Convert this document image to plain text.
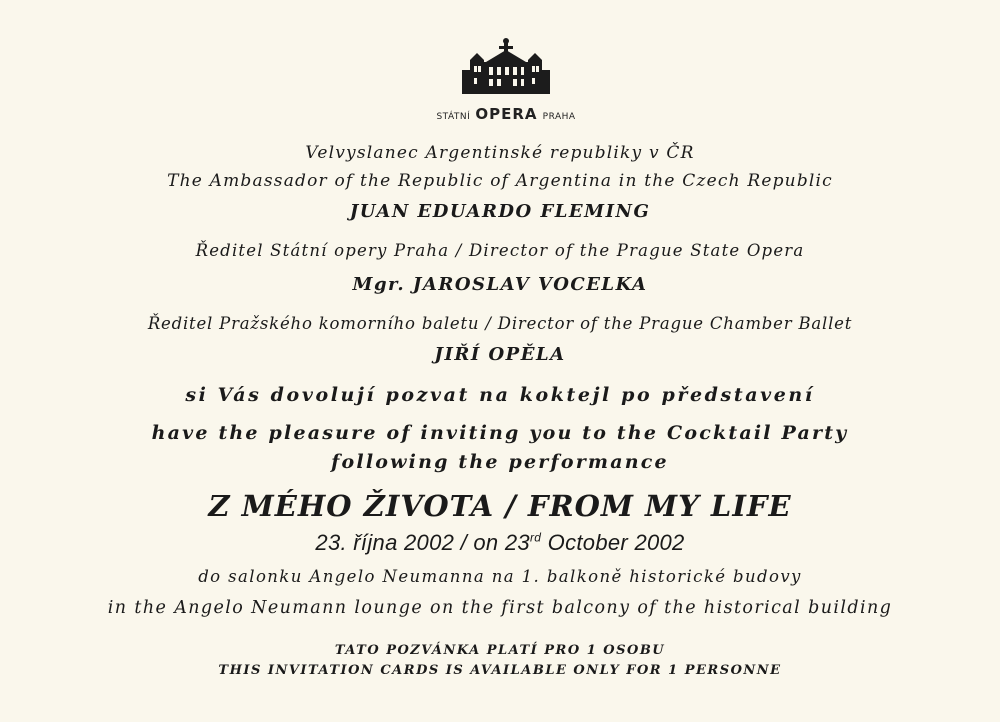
STÁTNÍ OPERA PRAHA
Velvyslanec Argentinské republiky v ČR
The Ambassador of the Republic of Argentina in the Czech Republic
JUAN EDUARDO FLEMING
Ředitel Státní opery Praha / Director of the Prague State Opera
Mgr. JAROSLAV VOCELKA
Ředitel Pražského komorního baletu / Director of the Prague Chamber Ballet
JIŘÍ OPĚLA
si Vás dovolují pozvat na koktejl po představení
have the pleasure of inviting you to the Cocktail Party
following the performance
Z MÉHO ŽIVOTA / FROM MY LIFE
23. října 2002 / on 23rd October 2002
do salonku Angelo Neumanna na 1. balkoně historické budovy
in the Angelo Neumann lounge on the first balcony of the historical building
TATO POZVÁNKA PLATÍ PRO 1 OSOBU
THIS INVITATION CARDS IS AVAILABLE ONLY FOR 1 PERSONNE
